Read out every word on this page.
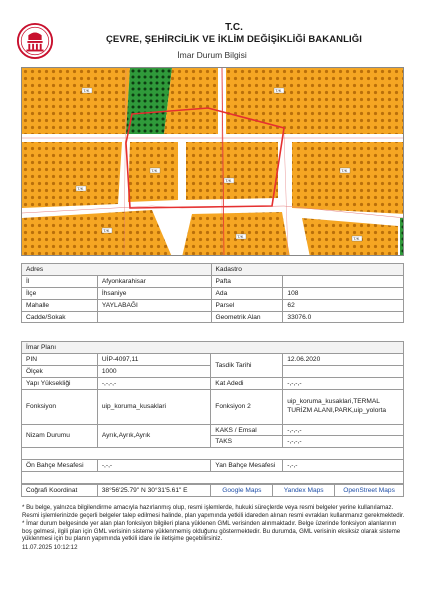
T.C.
ÇEVRE, ŞEHİRCİLİK VE İKLİM DEĞİŞİKLİĞİ BAKANLIĞI
İmar Durum Bilgisi
T/K
T/K
T/K
T/K
T/K
T/K
T/K
T/K	T/K
Adres		Kadastro	
İl	Afyonkarahisar	Pafta	
İlçe	İhsaniye	Ada	108
Mahalle	YAYLABAĞI	Parsel	62
Cadde/Sokak		Geometrik Alan	33076.0
İmar Planı			
PIN	UİP-4097,11	Tasdik Tarihi	12.06.2020
Ölçek	1000		
Yapı Yüksekliği	-,-,-,-	Kat Adedi	-,-,-,-
Fonksiyon	uip_koruma_kusaklari	Fonksiyon 2	uip_koruma_kusaklari,TERMAL TURİZM ALANI,PARK,uip_yolorta
Nizam Durumu	Ayrık,Ayrık,Ayrık	KAKS / Emsal	-,-,-,-
		TAKS	-,-,-,-

Ön Bahçe Mesafesi	-,-,-	Yan Bahçe Mesafesi	-,-,-

Coğrafi Koordinat	38°56'25.79" N 30°31'5.61" E	Google Maps	Yandex Maps	OpenStreet Maps

* Bu belge, yalnızca bilgilendirme amacıyla hazırlanmış olup, resmi işlemlerde, hukuki süreçlerde veya resmi belgeler yerine kullanılamaz. Resmi işlemlerinizde geçerli belgeler talep edilmesi halinde, plan yapımında yetkili idareden alınan resmi evrakları kullanmanız gerekmektedir.

* İmar durum belgesinde yer alan plan fonksiyon bilgileri plana yüklenen GML verisinden alınmaktadır. Belge üzerinde fonksiyon alanlarının boş gelmesi, ilgili plan için GML verisinin sisteme yüklenmemiş olduğunu göstermektedir. Bu durumda, GML verisinin eksiksiz olarak sisteme yüklenmesi için bu planın yapımında yetkili idare ile iletişime geçebilirsiniz.

11.07.2025 10:12:12
